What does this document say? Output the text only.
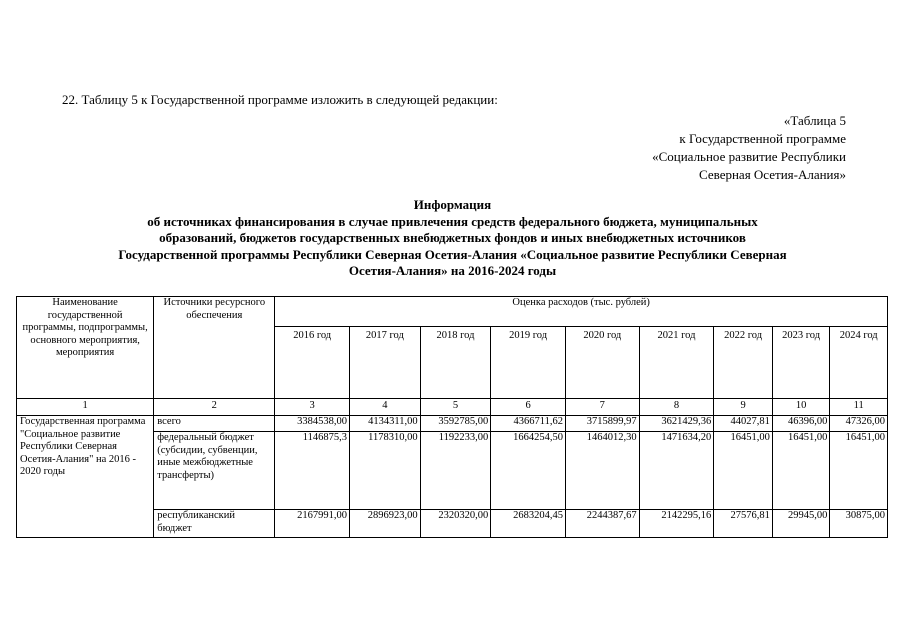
22. Таблицу 5 к Государственной программе изложить в следующей редакции:
«Таблица 5
к Государственной программе
«Социальное развитие Республики
Северная Осетия-Алания»
Информация
об источниках финансирования в случае привлечения средств федерального бюджета, муниципальных
образований, бюджетов государственных внебюджетных фондов и иных внебюджетных источников
Государственной программы Республики Северная Осетия-Алания «Социальное развитие Республики Северная
Осетия-Алания» на 2016-2024 годы
Наименование государственной программы, подпрограммы, основного мероприятия, мероприятия	Источники ресурсного обеспечения	Оценка расходов (тыс. рублей)								
		2016 год	2017 год	2018 год	2019 год	2020 год	2021 год	2022 год	2023 год	2024 год
1	2	3	4	5	6	7	8	9	10	11
Государственная программа "Социальное развитие Республики Северная Осетия-Алания" на 2016 - 2020 годы	всего	3384538,00	4134311,00	3592785,00	4366711,62	3715899,97	3621429,36	44027,81	46396,00	47326,00
	федеральный бюджет (субсидии, субвенции, иные межбюджетные трансферты)	1146875,3	1178310,00	1192233,00	1664254,50	1464012,30	1471634,20	16451,00	16451,00	16451,00
	республиканский бюджет	2167991,00	2896923,00	2320320,00	2683204,45	2244387,67	2142295,16	27576,81	29945,00	30875,00
